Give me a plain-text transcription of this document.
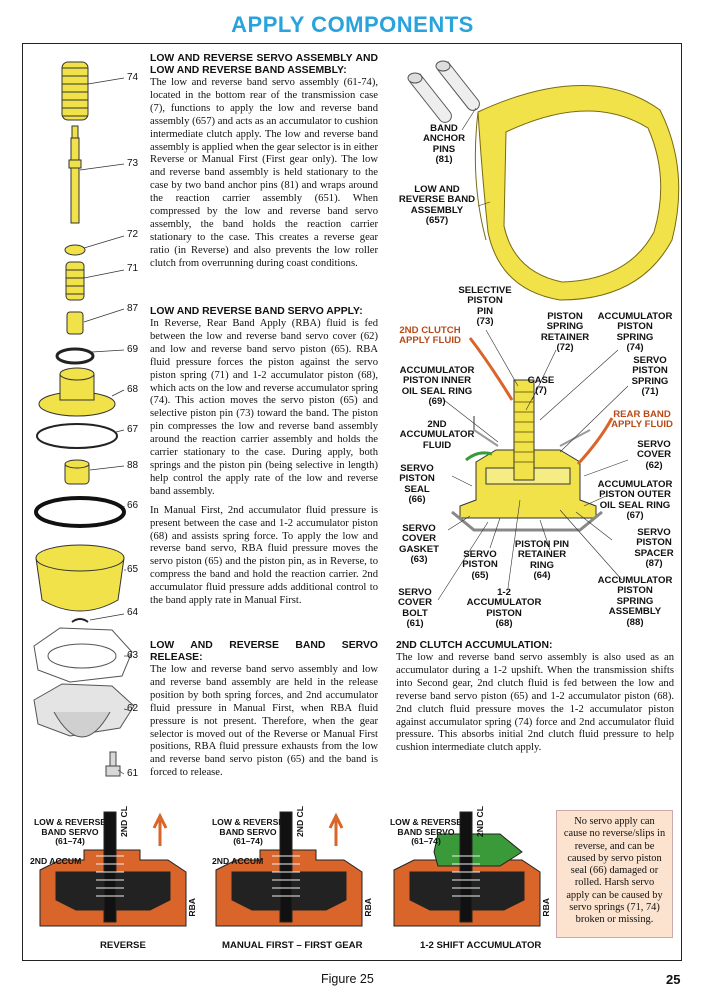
APPLY COMPONENTS
74
73
72
71
87
69
68
67
88
66
65
64
63
62
61
LOW AND REVERSE SERVO ASSEMBLY AND LOW AND REVERSE BAND ASSEMBLY:

The low and reverse band servo assembly (61-74), located in the bottom rear of the transmission case (7), functions to apply the low and reverse band assembly (657) and acts as an accumulator to cushion intermediate clutch apply. The low and reverse band assembly is applied when the gear selector is in either Reverse or Manual First (First gear only). The low and reverse band assembly is held stationary to the case by two band anchor pins (81) and wraps around the reaction carrier assembly (651). When compressed by the low and reverse band servo assembly, the band holds the reaction carrier stationary to the case. This creates a reverse gear ratio (in Reverse) and also prevents the low roller clutch from overrunning during coast conditions.

LOW AND REVERSE BAND SERVO APPLY:

In Reverse, Rear Band Apply (RBA) fluid is fed between the low and reverse band servo cover (62) and low and reverse band servo piston (65). RBA fluid pressure forces the piston against the servo piston spring (71) and 1-2 accumulator piston (68), which acts on the low and reverse accumulator spring (74). This action moves the servo piston (65) and selective piston pin (73) toward the band. The piston pin compresses the low and reverse band assembly around the reaction carrier assembly and holds the carrier stationary to the case. During apply, both springs and the piston pin (being selective in length) help control the apply rate of the low and reverse band assembly.

In Manual First, 2nd accumulator fluid pressure is present between the case and 1-2 accumulator piston (68) and assists spring force. To apply the low and reverse band servo, RBA fluid pressure moves the servo piston (65) and the piston pin, as in Reverse, to compress the band and hold the reaction carrier. 2nd accumulator fluid pressure adds additional control to the band apply rate in Manual First.

LOW AND REVERSE BAND SERVO RELEASE:

The low and reverse band servo assembly and low and reverse band assembly are held in the release position by both spring forces, and 2nd accumulator fluid pressure in Manual First, when RBA fluid pressure is not present. Therefore, when the gear selector is moved out of the Reverse or Manual First positions, RBA fluid pressure exhausts from the low and reverse band servo piston (65) and the band is forced to release.

2ND CLUTCH ACCUMULATION:

The low and reverse band servo assembly is also used as an accumulator during a 1-2 upshift. When the transmission shifts into Second gear, 2nd clutch fluid is fed between the low and reverse band servo piston (65) and 1-2 accumulator piston (68). 2nd clutch fluid pressure moves the 1-2 accumulator piston against accumulator spring (74) force and 2nd accumulator fluid pressure. This absorbs initial 2nd clutch fluid pressure to help cushion intermediate clutch apply.

BAND
ANCHOR
PINS
(81)
LOW AND
REVERSE BAND
ASSEMBLY
(657)
SELECTIVE
PISTON
PIN
(73)	PISTON
SPRING
RETAINER
(72)
ACCUMULATOR
PISTON
SPRING
(74)
2ND CLUTCH
APPLY FLUID
ACCUMULATOR
PISTON INNER
OIL SEAL RING
(69)
CASE
(7)
SERVO
PISTON
SPRING
(71)
REAR BAND
APPLY FLUID
2ND
ACCUMULATOR
FLUID	SERVO
COVER
(62)
SERVO
PISTON
SEAL
(66)
ACCUMULATOR
PISTON OUTER
OIL SEAL RING
(67)
SERVO
PISTON
SPACER
(87)
SERVO
COVER
GASKET
(63)	SERVO
PISTON
(65)
PISTON PIN
RETAINER
RING
(64)	ACCUMULATOR
PISTON
SPRING
ASSEMBLY
(88)
SERVO
COVER
BOLT
(61)
1-2
ACCUMULATOR
PISTON
(68)
LOW & REVERSE
BAND SERVO
(61–74)
2ND ACCUM
2ND CL
RBA
REVERSE
LOW & REVERSE
BAND SERVO
(61–74)
2ND ACCUM
2ND CL
RBA
MANUAL FIRST – FIRST GEAR
LOW & REVERSE
BAND SERVO
(61–74)
2ND CL
RBA
1-2 SHIFT ACCUMULATOR
No servo apply can cause no reverse/slips in reverse, and can be caused by servo piston seal (66) damaged or rolled. Harsh servo apply can be caused by servo springs (71, 74) broken or missing.
Figure 25	25
